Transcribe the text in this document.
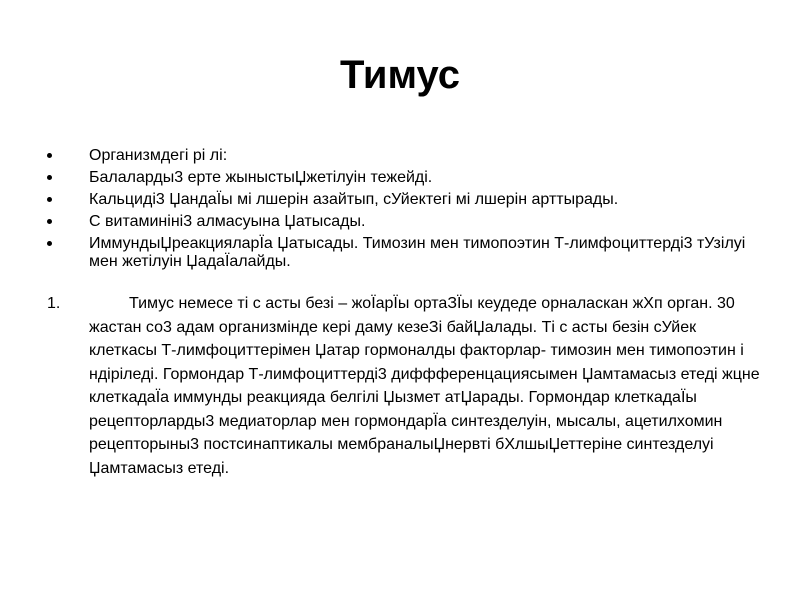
Тимус
Организмдегі рі лі:
Балаларды3 ерте жыныстыЏжетілуін тежейді.
Кальциді3 ЏандаЇы мі лшерін азайтып, сУйектегі мі лшерін арттырады.
С витаминіні3 алмасуына Џатысады.
ИммундыЏреакцияларЇа Џатысады. Тимозин мен тимопоэтин Т-лимфоциттерді3 тУзілуі мен жетілуін ЏадаЇалайды.
1.	Тимус немесе ті с асты безі – жоЇарЇы ортаЗЇы кеудеде орналаскан жХп орган. 30 жастан со3 адам организмінде кері даму кезеЗі байЏалады. Ті с асты безін сУйек клеткасы Т-лимфоциттерімен Џатар гормоналды факторлар- тимозин мен тимопоэтин і ндіріледі. Гормондар Т-лимфоциттерді3 диффференцациясымен Џамтамасыз етеді жцне клеткадаЇа иммунды реакцияда белгілі Џызмет атЏарады. Гормондар клеткадаЇы рецепторларды3 медиаторлар мен гормондарЇа синтезделуін, мысалы, ацетилхомин рецепторыны3 постсинаптикалы мембраналыЏнервті бХлшыЏеттеріне синтезделуі Џамтамасыз етеді.
